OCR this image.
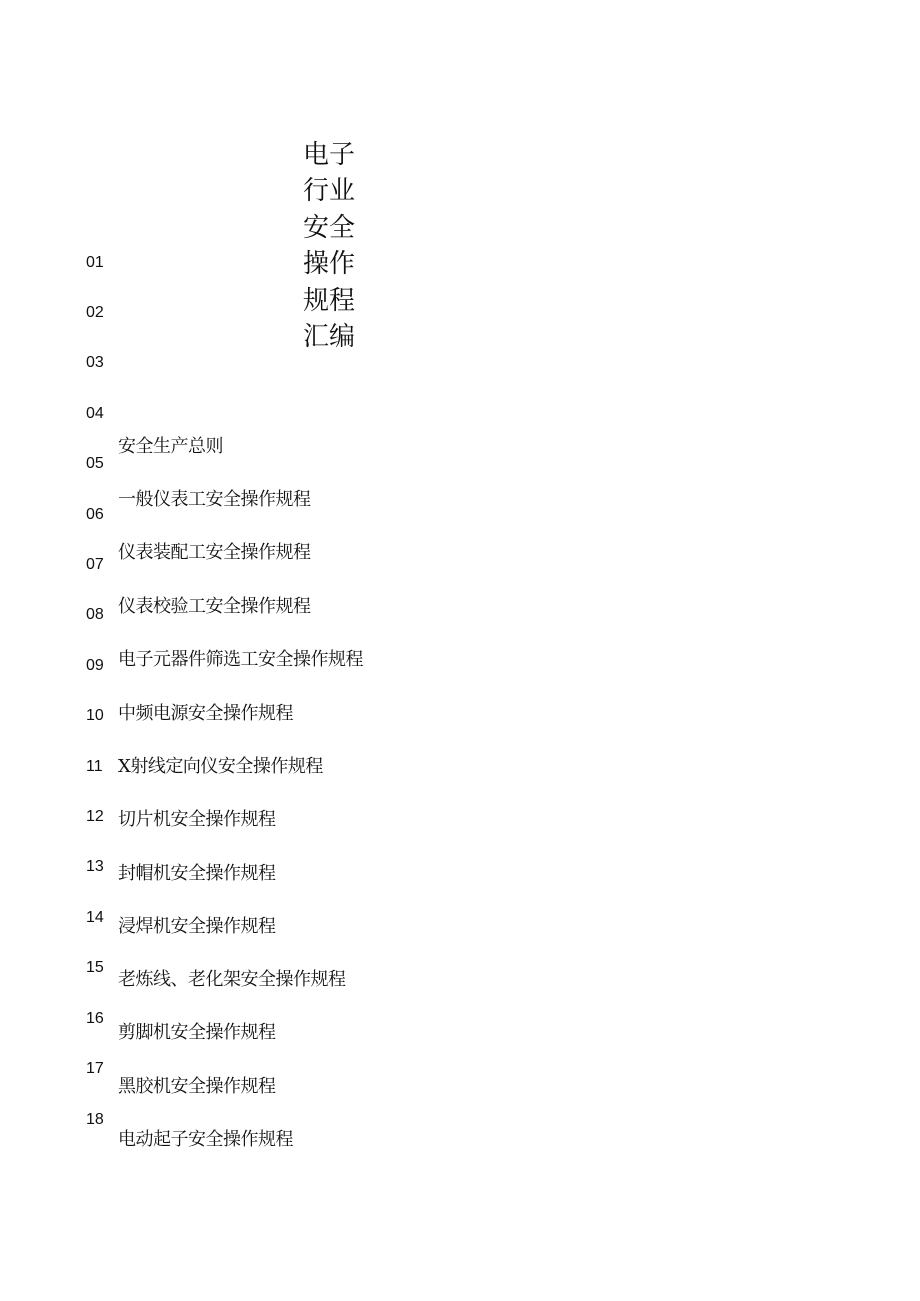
电子
行业
安全
操作
规程
汇编
01
02
03
04
05
06
07
08
09
10
11
12
13
14
15
16
17
18
安全生产总则
一般仪表工安全操作规程
仪表装配工安全操作规程
仪表校验工安全操作规程
电子元器件筛选工安全操作规程
中频电源安全操作规程
X射线定向仪安全操作规程
切片机安全操作规程
封帽机安全操作规程
浸焊机安全操作规程
老炼线、老化架安全操作规程
剪脚机安全操作规程
黑胶机安全操作规程
电动起子安全操作规程
